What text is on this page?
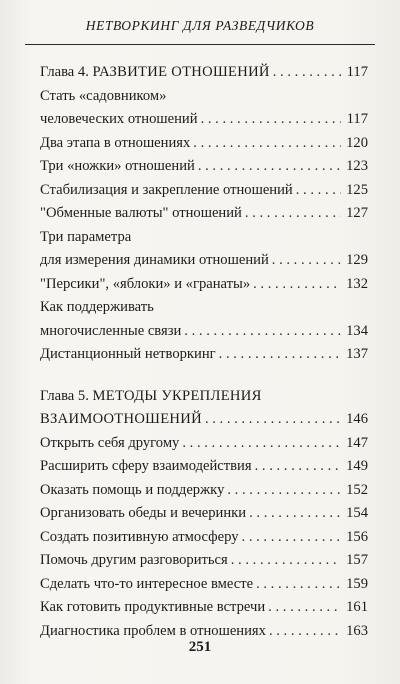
НЕТВОРКИНГ ДЛЯ РАЗВЕДЧИКОВ
Глава 4. РАЗВИТИЕ ОТНОШЕНИЙ . . .	117
Стать «садовником»
человеческих отношений . . .	117
Два этапа в отношениях . . .	120
Три «ножки» отношений . . .	123
Стабилизация и закрепление отношений . . .	125
"Обменные валюты" отношений . . .	127
Три параметра
для измерения динамики отношений . . .	129
"Персики", «яблоки» и «гранаты» . . .	132
Как поддерживать
многочисленные связи . . .	134
Дистанционный нетворкинг . . .	137
Глава 5. МЕТОДЫ УКРЕПЛЕНИЯ
ВЗАИМООТНОШЕНИЙ . . .	146
Открыть себя другому . . .	147
Расширить сферу взаимодействия . . .	149
Оказать помощь и поддержку . . .	152
Организовать обеды и вечеринки . . .	154
Создать позитивную атмосферу . . .	156
Помочь другим разговориться . . .	157
Сделать что-то интересное вместе . . .	159
Как готовить продуктивные встречи . . .	161
Диагностика проблем в отношениях . . .	163
251
